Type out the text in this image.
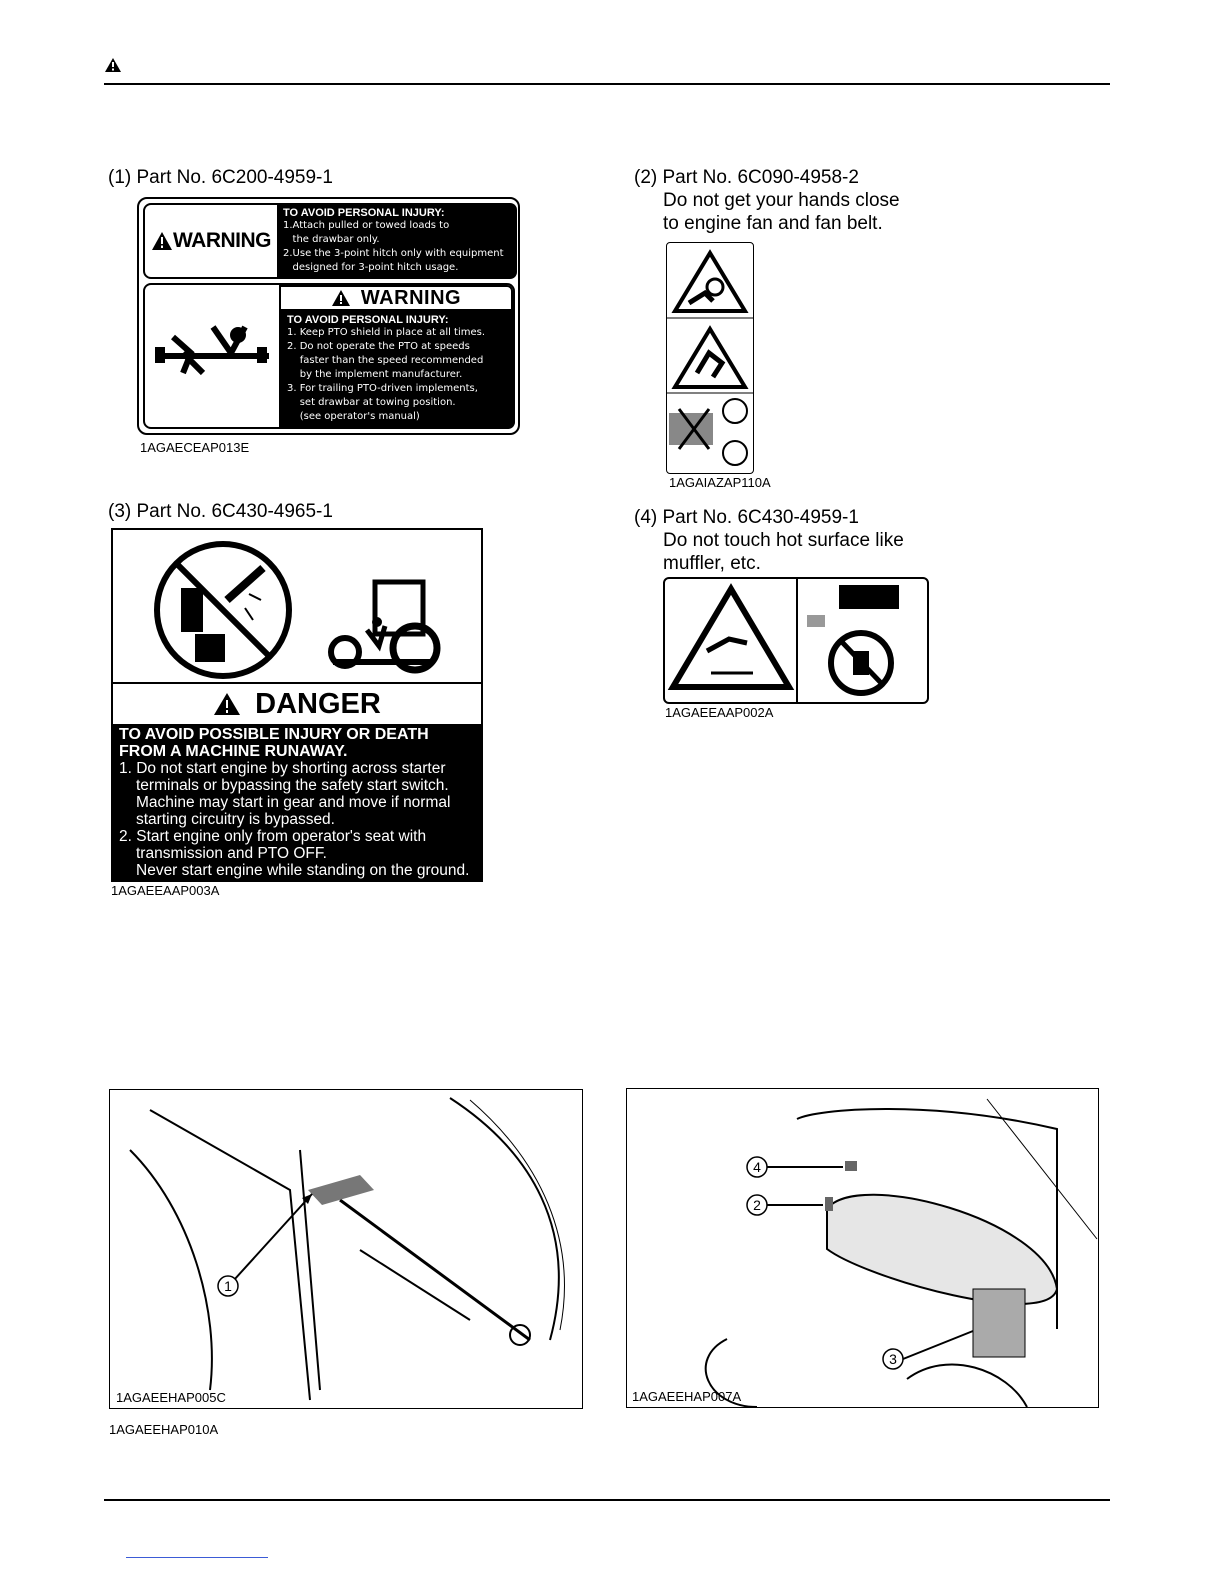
(1) Part No. 6C200-4959-1
WARNING
TO AVOID PERSONAL INJURY:
1.Attach pulled or towed loads to
the drawbar only.
2.Use the 3-point hitch only with equipment
designed for 3-point hitch usage.
WARNING
TO AVOID PERSONAL INJURY:
1. Keep PTO shield in place at all times.
2. Do not operate the PTO at speeds
faster than the speed recommended
by the implement manufacturer.
3. For trailing PTO-driven implements,
set drawbar at towing position.
(see operator's manual)
1AGAECEAP013E
(2) Part No. 6C090-4958-2
Do not get your hands close
to engine fan and fan belt.
1AGAIAZAP110A
(3) Part No. 6C430-4965-1
DANGER
TO AVOID POSSIBLE INJURY OR DEATH
FROM A MACHINE RUNAWAY.
1. Do not start engine by shorting across starter
terminals or bypassing the safety start switch.
Machine may start in gear and move if normal
starting circuitry is bypassed.
2. Start engine only from operator's seat with
transmission and PTO OFF.
Never start engine while standing on the ground.
1AGAEEAAP003A
(4) Part No. 6C430-4959-1
Do not touch hot surface like
muffler, etc.
1AGAEEAAP002A
1
1AGAEEHAP005C
1AGAEEHAP010A
4
2
3
1AGAEEHAP007A
